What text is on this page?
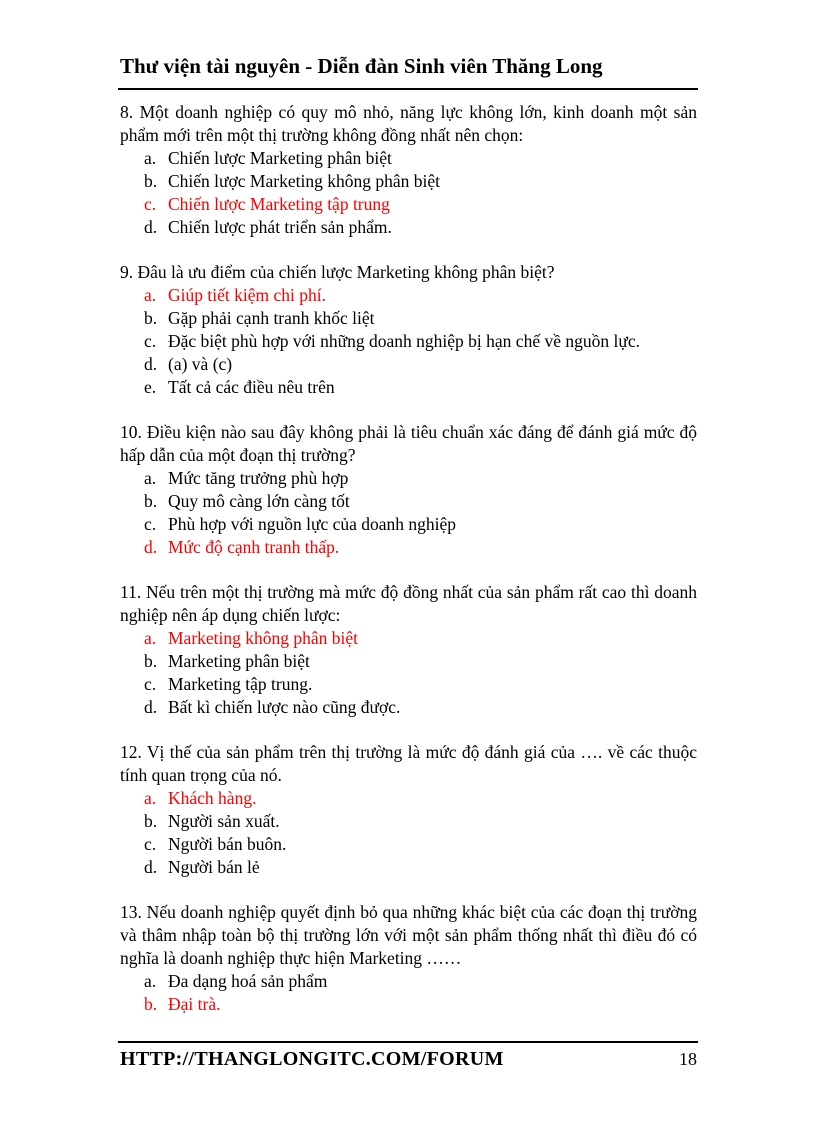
Thư viện tài nguyên - Diễn đàn Sinh viên Thăng Long

8. Một doanh nghiệp có quy mô nhỏ, năng lực không lớn, kinh doanh một sản phẩm mới trên một thị trường không đồng nhất nên chọn:

a. Chiến lược Marketing phân biệt
b. Chiến lược Marketing không phân biệt
c. Chiến lược Marketing tập trung
d. Chiến lược phát triển sản phẩm.

9. Đâu là ưu điểm của chiến lược Marketing không phân biệt?

a. Giúp tiết kiệm chi phí.
b. Gặp phải cạnh tranh khốc liệt
c. Đặc biệt phù hợp với những doanh nghiệp bị hạn chế về nguồn lực.
d. (a) và (c)
e. Tất cả các điều nêu trên

10. Điều kiện nào sau đây không phải là tiêu chuẩn xác đáng để đánh giá mức độ hấp dẫn của một đoạn thị trường?

a. Mức tăng trưởng phù hợp
b. Quy mô càng lớn càng tốt
c. Phù hợp với nguồn lực của doanh nghiệp
d. Mức độ cạnh tranh thấp.

11. Nếu trên một thị trường mà mức độ đồng nhất của sản phẩm rất cao thì doanh nghiệp nên áp dụng chiến lược:

a. Marketing không phân biệt
b. Marketing phân biệt
c. Marketing tập trung.
d. Bất kì chiến lược nào cũng được.

12. Vị thế của sản phẩm trên thị trường là mức độ đánh giá của …. về các thuộc tính quan trọng của nó.

a. Khách hàng.
b. Người sản xuất.
c. Người bán buôn.
d. Người bán lẻ

13. Nếu doanh nghiệp quyết định bỏ qua những khác biệt của các đoạn thị trường và thâm nhập toàn bộ thị trường lớn với một sản phẩm thống nhất thì điều đó có nghĩa là doanh nghiệp thực hiện Marketing ……

a. Đa dạng hoá sản phẩm
b. Đại trà.
HTTP://THANGLONGITC.COM/FORUM	18
